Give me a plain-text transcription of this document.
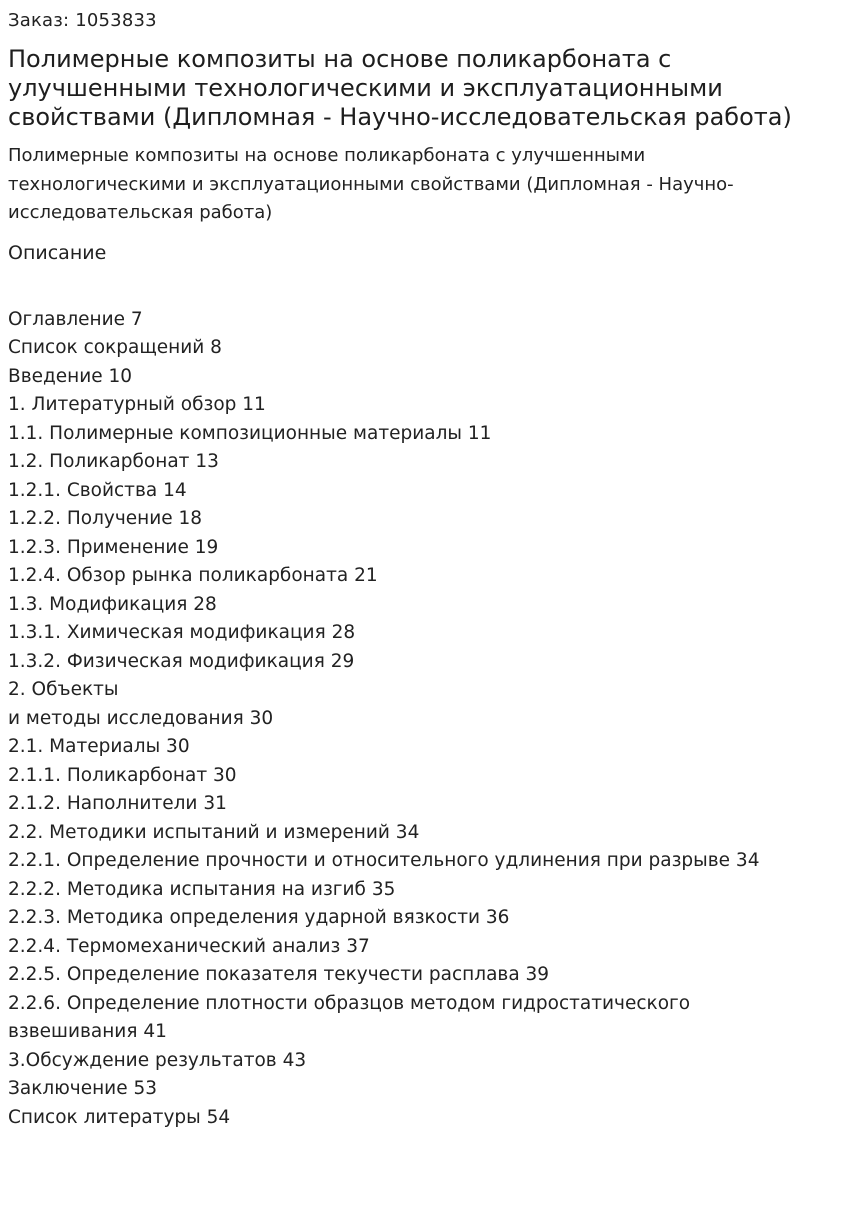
Заказ: 1053833
Полимерные композиты на основе поликарбоната с
улучшенными технологическими и эксплуатационными
свойствами (Дипломная - Научно-исследовательская работа)
Полимерные композиты на основе поликарбоната с улучшенными
технологическими и эксплуатационными свойствами (Дипломная - Научно-
исследовательская работа)
Описание
Оглавление 7
Список сокращений 8
Введение 10
1. Литературный обзор 11
1.1. Полимерные композиционные материалы 11
1.2. Поликарбонат 13
1.2.1. Свойства 14
1.2.2. Получение 18
1.2.3. Применение 19
1.2.4. Обзор рынка поликарбоната 21
1.3. Модификация 28
1.3.1. Химическая модификация 28
1.3.2. Физическая модификация 29
2. Объекты
и методы исследования 30
2.1. Материалы 30
2.1.1. Поликарбонат 30
2.1.2. Наполнители 31
2.2. Методики испытаний и измерений 34
2.2.1. Определение прочности и относительного удлинения при разрыве 34
2.2.2. Методика испытания на изгиб 35
2.2.3. Методика определения ударной вязкости 36
2.2.4. Термомеханический анализ 37
2.2.5. Определение показателя текучести расплава 39
2.2.6. Определение плотности образцов методом гидростатического
взвешивания 41
3.Обсуждение результатов 43
Заключение 53
Список литературы 54
